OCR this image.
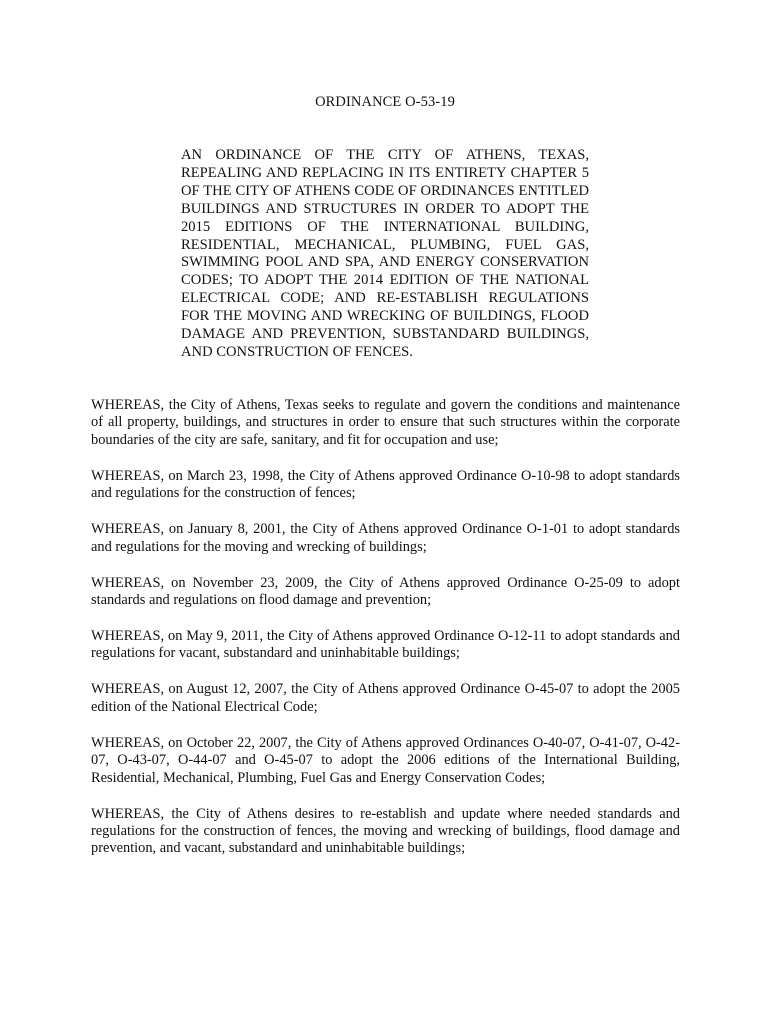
ORDINANCE O-53-19
AN ORDINANCE OF THE CITY OF ATHENS, TEXAS, REPEALING AND REPLACING IN ITS ENTIRETY CHAPTER 5 OF THE CITY OF ATHENS CODE OF ORDINANCES ENTITLED BUILDINGS AND STRUCTURES IN ORDER TO ADOPT THE 2015 EDITIONS OF THE INTERNATIONAL BUILDING, RESIDENTIAL, MECHANICAL, PLUMBING, FUEL GAS, SWIMMING POOL AND SPA, AND ENERGY CONSERVATION CODES; TO ADOPT THE 2014 EDITION OF THE NATIONAL ELECTRICAL CODE; AND RE-ESTABLISH REGULATIONS FOR THE MOVING AND WRECKING OF BUILDINGS, FLOOD DAMAGE AND PREVENTION, SUBSTANDARD BUILDINGS, AND CONSTRUCTION OF FENCES.

WHEREAS, the City of Athens, Texas seeks to regulate and govern the conditions and maintenance of all property, buildings, and structures in order to ensure that such structures within the corporate boundaries of the city are safe, sanitary, and fit for occupation and use;

WHEREAS, on March 23, 1998, the City of Athens approved Ordinance O-10-98 to adopt standards and regulations for the construction of fences;

WHEREAS, on January 8, 2001, the City of Athens approved Ordinance O-1-01 to adopt standards and regulations for the moving and wrecking of buildings;

WHEREAS, on November 23, 2009, the City of Athens approved Ordinance O-25-09 to adopt standards and regulations on flood damage and prevention;

WHEREAS, on May 9, 2011, the City of Athens approved Ordinance O-12-11 to adopt standards and regulations for vacant, substandard and uninhabitable buildings;

WHEREAS, on August 12, 2007, the City of Athens approved Ordinance O-45-07 to adopt the 2005 edition of the National Electrical Code;

WHEREAS, on October 22, 2007, the City of Athens approved Ordinances O-40-07, O-41-07, O-42-07, O-43-07, O-44-07 and O-45-07 to adopt the 2006 editions of the International Building, Residential, Mechanical, Plumbing, Fuel Gas and Energy Conservation Codes;

WHEREAS, the City of Athens desires to re-establish and update where needed standards and regulations for the construction of fences, the moving and wrecking of buildings, flood damage and prevention, and vacant, substandard and uninhabitable buildings;
